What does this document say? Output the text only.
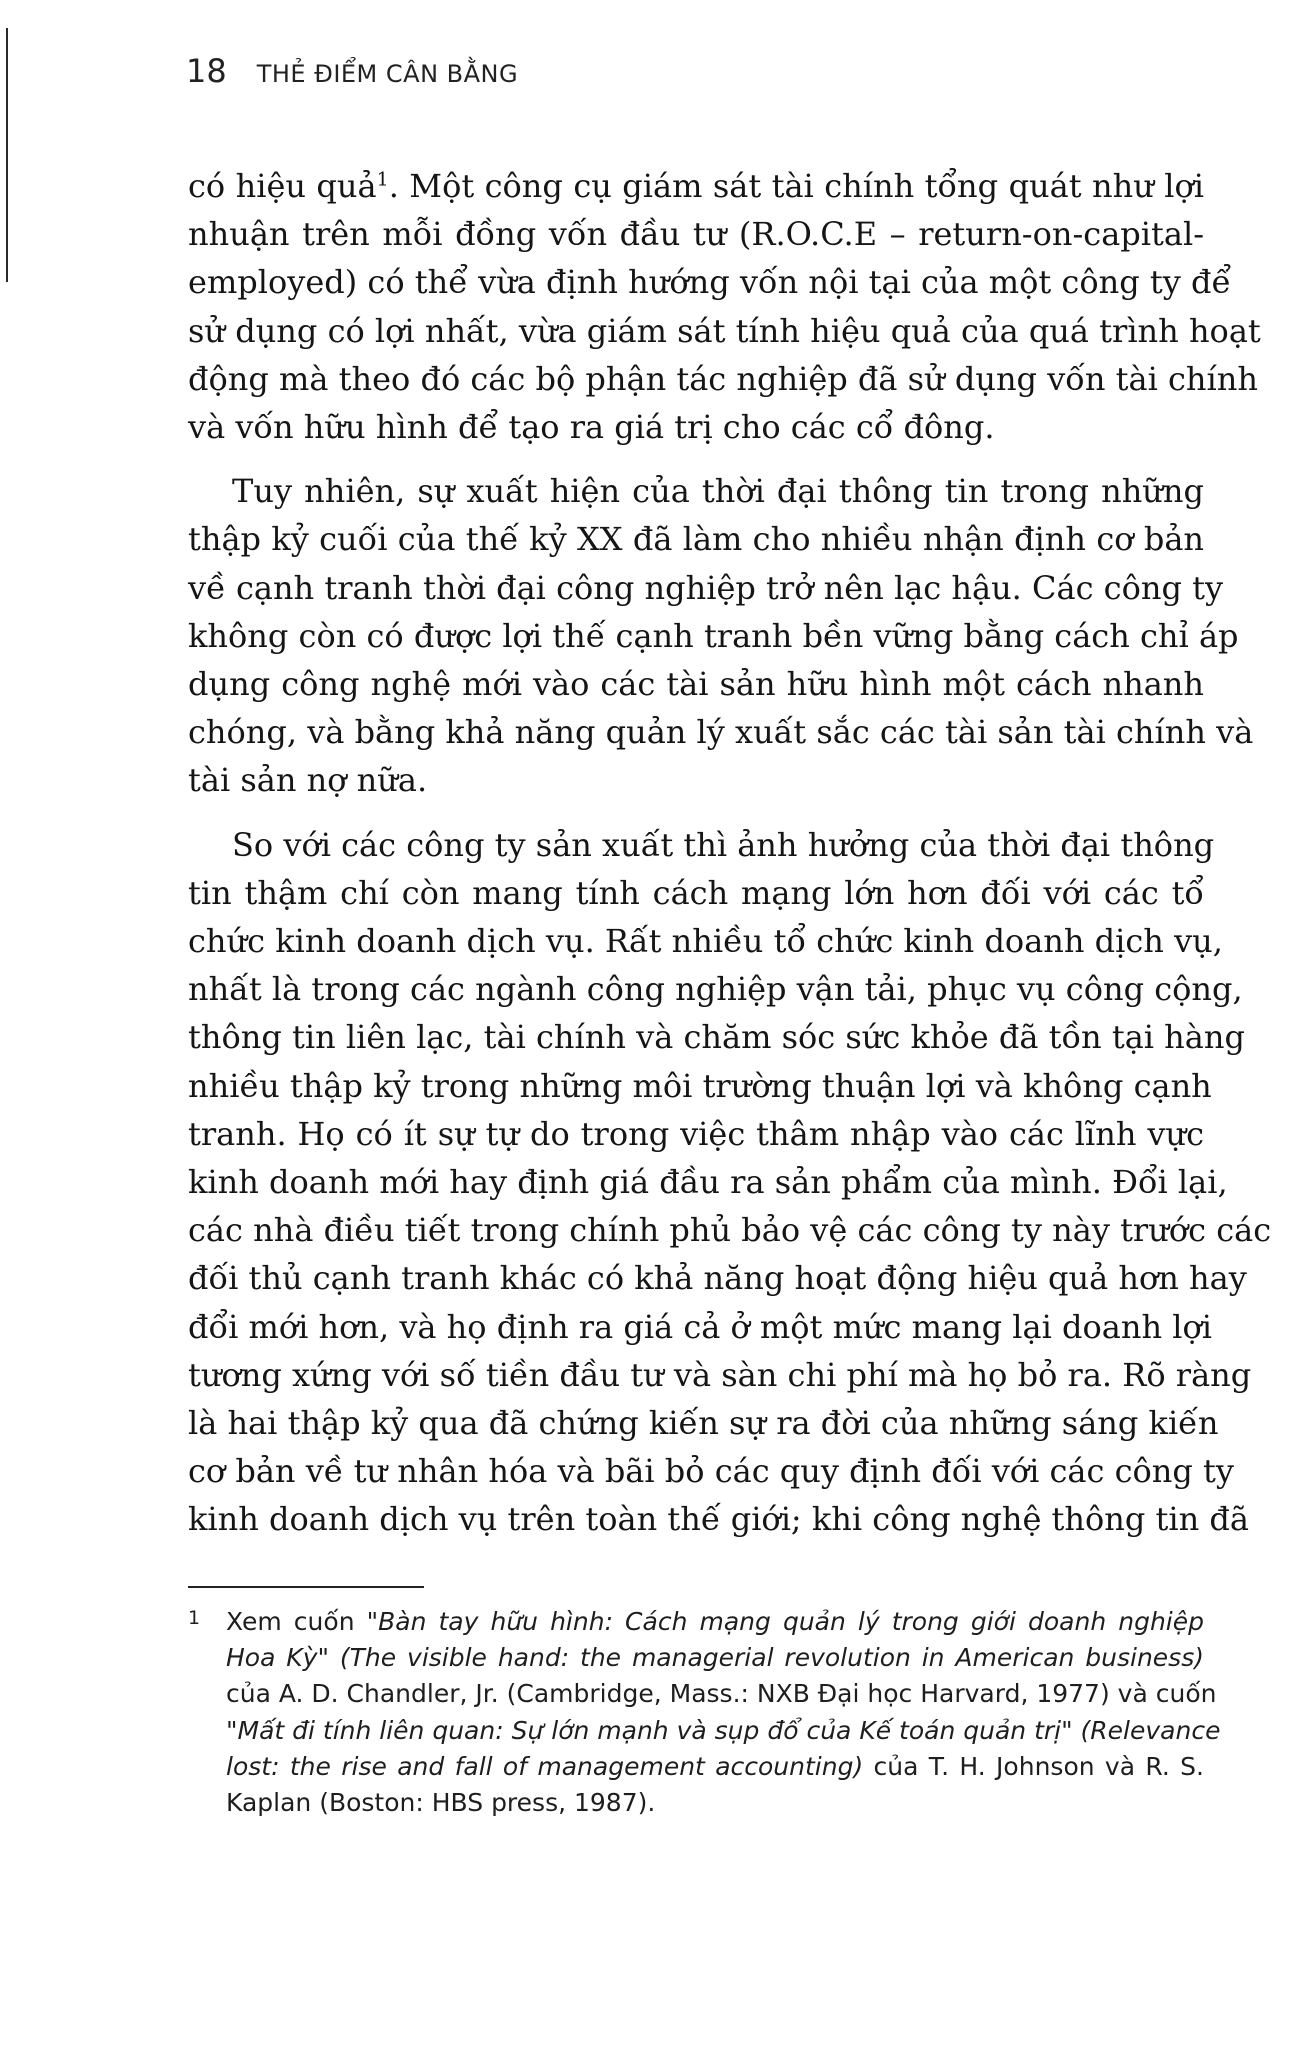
18 THẺ ĐIỂM CÂN BẰNG

có hiệu quả$^1$. Một công cụ giám sát tài chính tổng quát như lợi
nhuận trên mỗi đồng vốn đầu tư (R.O.C.E – return-on-capital-
employed) có thể vừa định hướng vốn nội tại của một công ty để
sử dụng có lợi nhất, vừa giám sát tính hiệu quả của quá trình hoạt
động mà theo đó các bộ phận tác nghiệp đã sử dụng vốn tài chính
và vốn hữu hình để tạo ra giá trị cho các cổ đông.

Tuy nhiên, sự xuất hiện của thời đại thông tin trong những
thập kỷ cuối của thế kỷ XX đã làm cho nhiều nhận định cơ bản
về cạnh tranh thời đại công nghiệp trở nên lạc hậu. Các công ty
không còn có được lợi thế cạnh tranh bền vững bằng cách chỉ áp
dụng công nghệ mới vào các tài sản hữu hình một cách nhanh
chóng, và bằng khả năng quản lý xuất sắc các tài sản tài chính và
tài sản nợ nữa.

So với các công ty sản xuất thì ảnh hưởng của thời đại thông
tin thậm chí còn mang tính cách mạng lớn hơn đối với các tổ
chức kinh doanh dịch vụ. Rất nhiều tổ chức kinh doanh dịch vụ,
nhất là trong các ngành công nghiệp vận tải, phục vụ công cộng,
thông tin liên lạc, tài chính và chăm sóc sức khỏe đã tồn tại hàng
nhiều thập kỷ trong những môi trường thuận lợi và không cạnh
tranh. Họ có ít sự tự do trong việc thâm nhập vào các lĩnh vực
kinh doanh mới hay định giá đầu ra sản phẩm của mình. Đổi lại,
các nhà điều tiết trong chính phủ bảo vệ các công ty này trước các
đối thủ cạnh tranh khác có khả năng hoạt động hiệu quả hơn hay
đổi mới hơn, và họ định ra giá cả ở một mức mang lại doanh lợi
tương xứng với số tiền đầu tư và sàn chi phí mà họ bỏ ra. Rõ ràng
là hai thập kỷ qua đã chứng kiến sự ra đời của những sáng kiến
cơ bản về tư nhân hóa và bãi bỏ các quy định đối với các công ty
kinh doanh dịch vụ trên toàn thế giới; khi công nghệ thông tin đã

1 Xem cuốn "Bàn tay hữu hình: Cách mạng quản lý trong giới doanh nghiệp
Hoa Kỳ" (The visible hand: the managerial revolution in American business)
của A. D. Chandler, Jr. (Cambridge, Mass.: NXB Đại học Harvard, 1977) và cuốn
"Mất đi tính liên quan: Sự lớn mạnh và sụp đổ của Kế toán quản trị" (Relevance
lost: the rise and fall of management accounting) của T. H. Johnson và R. S.
Kaplan (Boston: HBS press, 1987).
